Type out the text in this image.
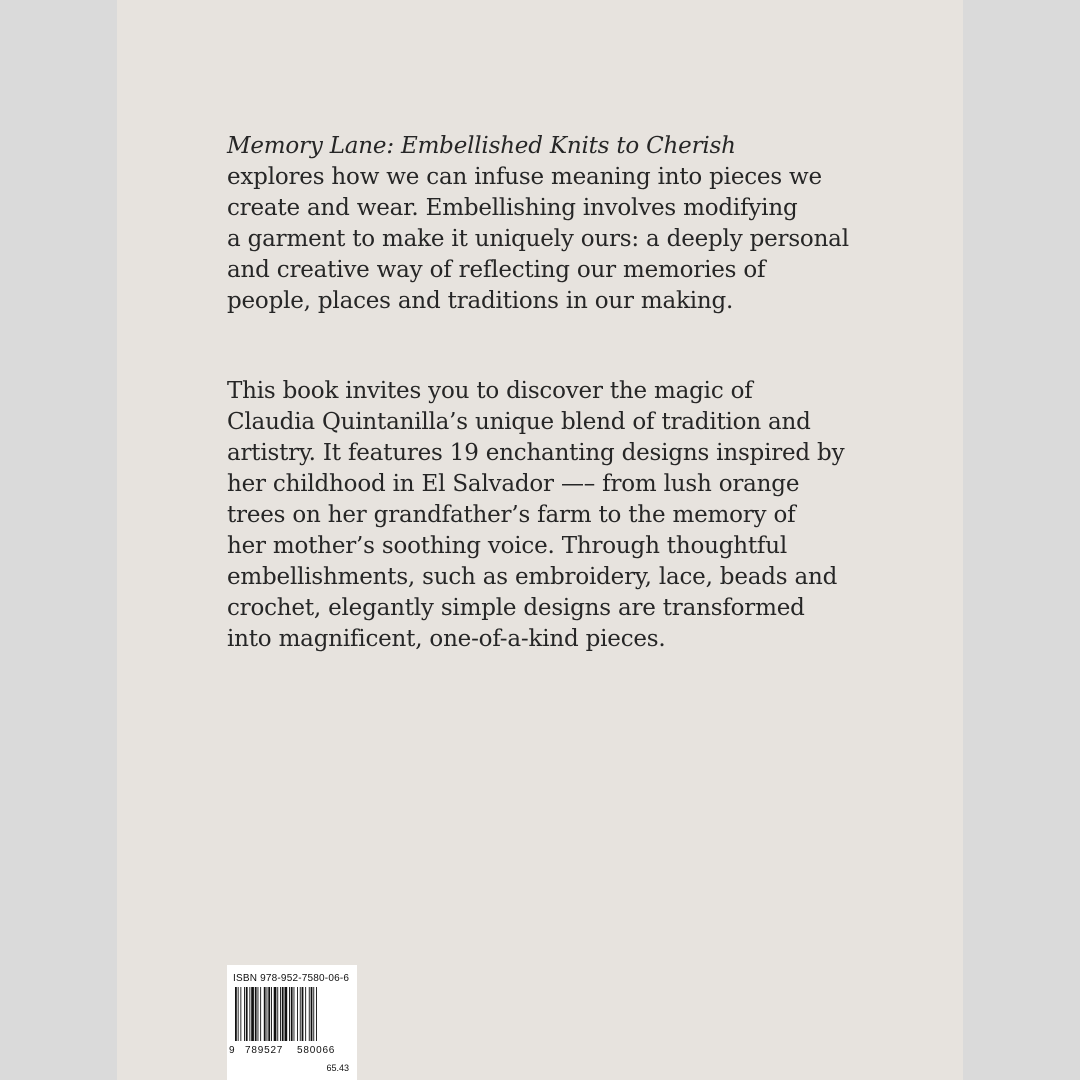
Memory Lane: Embellished Knits to Cherish
explores how we can infuse meaning into pieces we
create and wear. Embellishing involves modifying
a garment to make it uniquely ours: a deeply personal
and creative way of reflecting our memories of
people, places and traditions in our making.
This book invites you to discover the magic of
Claudia Quintanilla’s unique blend of tradition and
artistry. It features 19 enchanting designs inspired by
her childhood in El Salvador —– from lush orange
trees on her grandfather’s farm to the memory of
her mother’s soothing voice. Through thoughtful
embellishments, such as embroidery, lace, beads and
crochet, elegantly simple designs are transformed
into magnificent, one-of-a-kind pieces.
ISBN 978-952-7580-06-6
9 789527 580066
65.43
